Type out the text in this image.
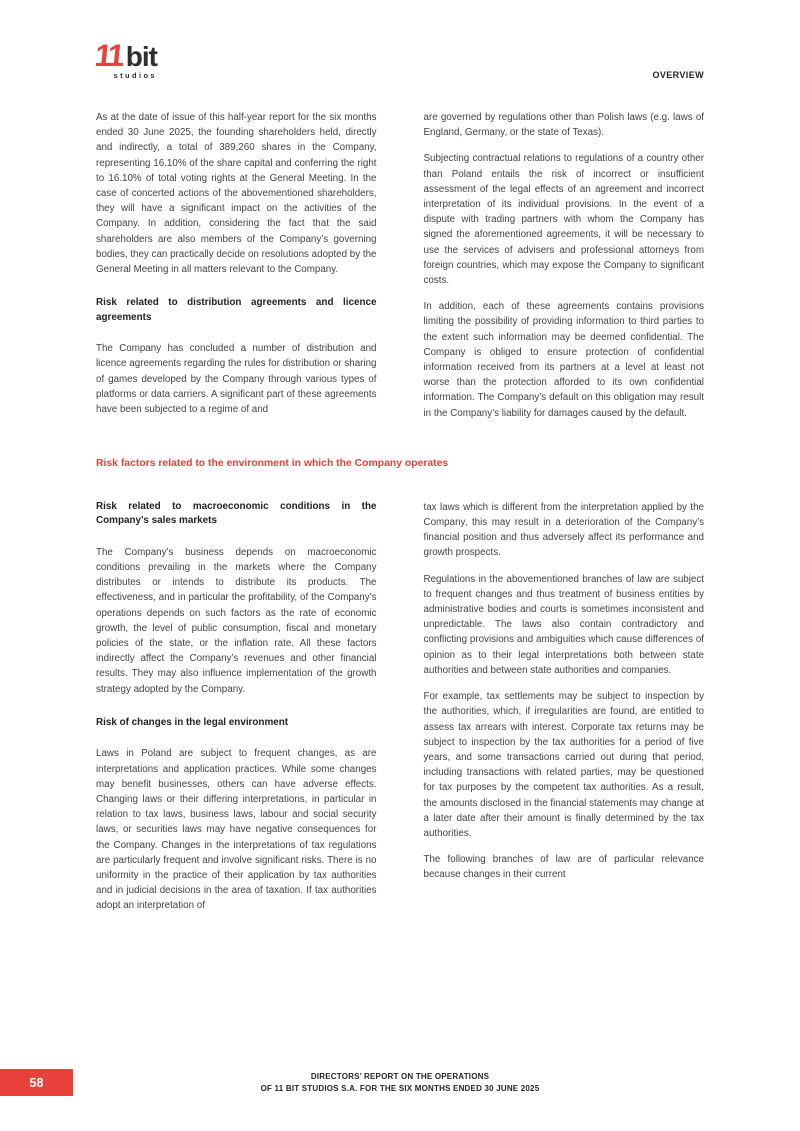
11 bit
studios	OVERVIEW

As at the date of issue of this half-year report for the six months ended 30 June 2025, the founding shareholders held, directly and indirectly, a total of 389,260 shares in the Company, representing 16.10% of the share capital and conferring the right to 16.10% of total voting rights at the General Meeting. In the case of concerted actions of the abovementioned shareholders, they will have a significant impact on the activities of the Company. In addition, considering the fact that the said shareholders are also members of the Company’s governing bodies, they can practically decide on resolutions adopted by the General Meeting in all matters relevant to the Company.

Risk related to distribution agreements and licence agreements

The Company has concluded a number of distribution and licence agreements regarding the rules for distribution or sharing of games developed by the Company through various types of platforms or data carriers. A significant part of these agreements have been subjected to a regime of and

are governed by regulations other than Polish laws (e.g. laws of England, Germany, or the state of Texas).

Subjecting contractual relations to regulations of a country other than Poland entails the risk of incorrect or insufficient assessment of the legal effects of an agreement and incorrect interpretation of its individual provisions. In the event of a dispute with trading partners with whom the Company has signed the aforementioned agreements, it will be necessary to use the services of advisers and professional attorneys from foreign countries, which may expose the Company to significant costs.

In addition, each of these agreements contains provisions limiting the possibility of providing information to third parties to the extent such information may be deemed confidential. The Company is obliged to ensure protection of confidential information received from its partners at a level at least not worse than the protection afforded to its own confidential information. The Company’s default on this obligation may result in the Company’s liability for damages caused by the default.

Risk factors related to the environment in which the Company operates
Risk related to macroeconomic conditions in the Company’s sales markets

The Company’s business depends on macroeconomic conditions prevailing in the markets where the Company distributes or intends to distribute its products. The effectiveness, and in particular the profitability, of the Company’s operations depends on such factors as the rate of economic growth, the level of public consumption, fiscal and monetary policies of the state, or the inflation rate. All these factors indirectly affect the Company’s revenues and other financial results. They may also influence implementation of the growth strategy adopted by the Company.

Risk of changes in the legal environment

Laws in Poland are subject to frequent changes, as are interpretations and application practices. While some changes may benefit businesses, others can have adverse effects. Changing laws or their differing interpretations, in particular in relation to tax laws, business laws, labour and social security laws, or securities laws may have negative consequences for the Company. Changes in the interpretations of tax regulations are particularly frequent and involve significant risks. There is no uniformity in the practice of their application by tax authorities and in judicial decisions in the area of taxation. If tax authorities adopt an interpretation of

tax laws which is different from the interpretation applied by the Company, this may result in a deterioration of the Company’s financial position and thus adversely affect its performance and growth prospects.

Regulations in the abovementioned branches of law are subject to frequent changes and thus treatment of business entities by administrative bodies and courts is sometimes inconsistent and unpredictable. The laws also contain contradictory and conflicting provisions and ambiguities which cause differences of opinion as to their legal interpretations both between state authorities and between state authorities and companies.

For example, tax settlements may be subject to inspection by the authorities, which, if irregularities are found, are entitled to assess tax arrears with interest. Corporate tax returns may be subject to inspection by the tax authorities for a period of five years, and some transactions carried out during that period, including transactions with related parties, may be questioned for tax purposes by the competent tax authorities. As a result, the amounts disclosed in the financial statements may change at a later date after their amount is finally determined by the tax authorities.

The following branches of law are of particular relevance because changes in their current

58	DIRECTORS’ REPORT ON THE OPERATIONS
OF 11 BIT STUDIOS S.A. FOR THE SIX MONTHS ENDED 30 JUNE 2025
